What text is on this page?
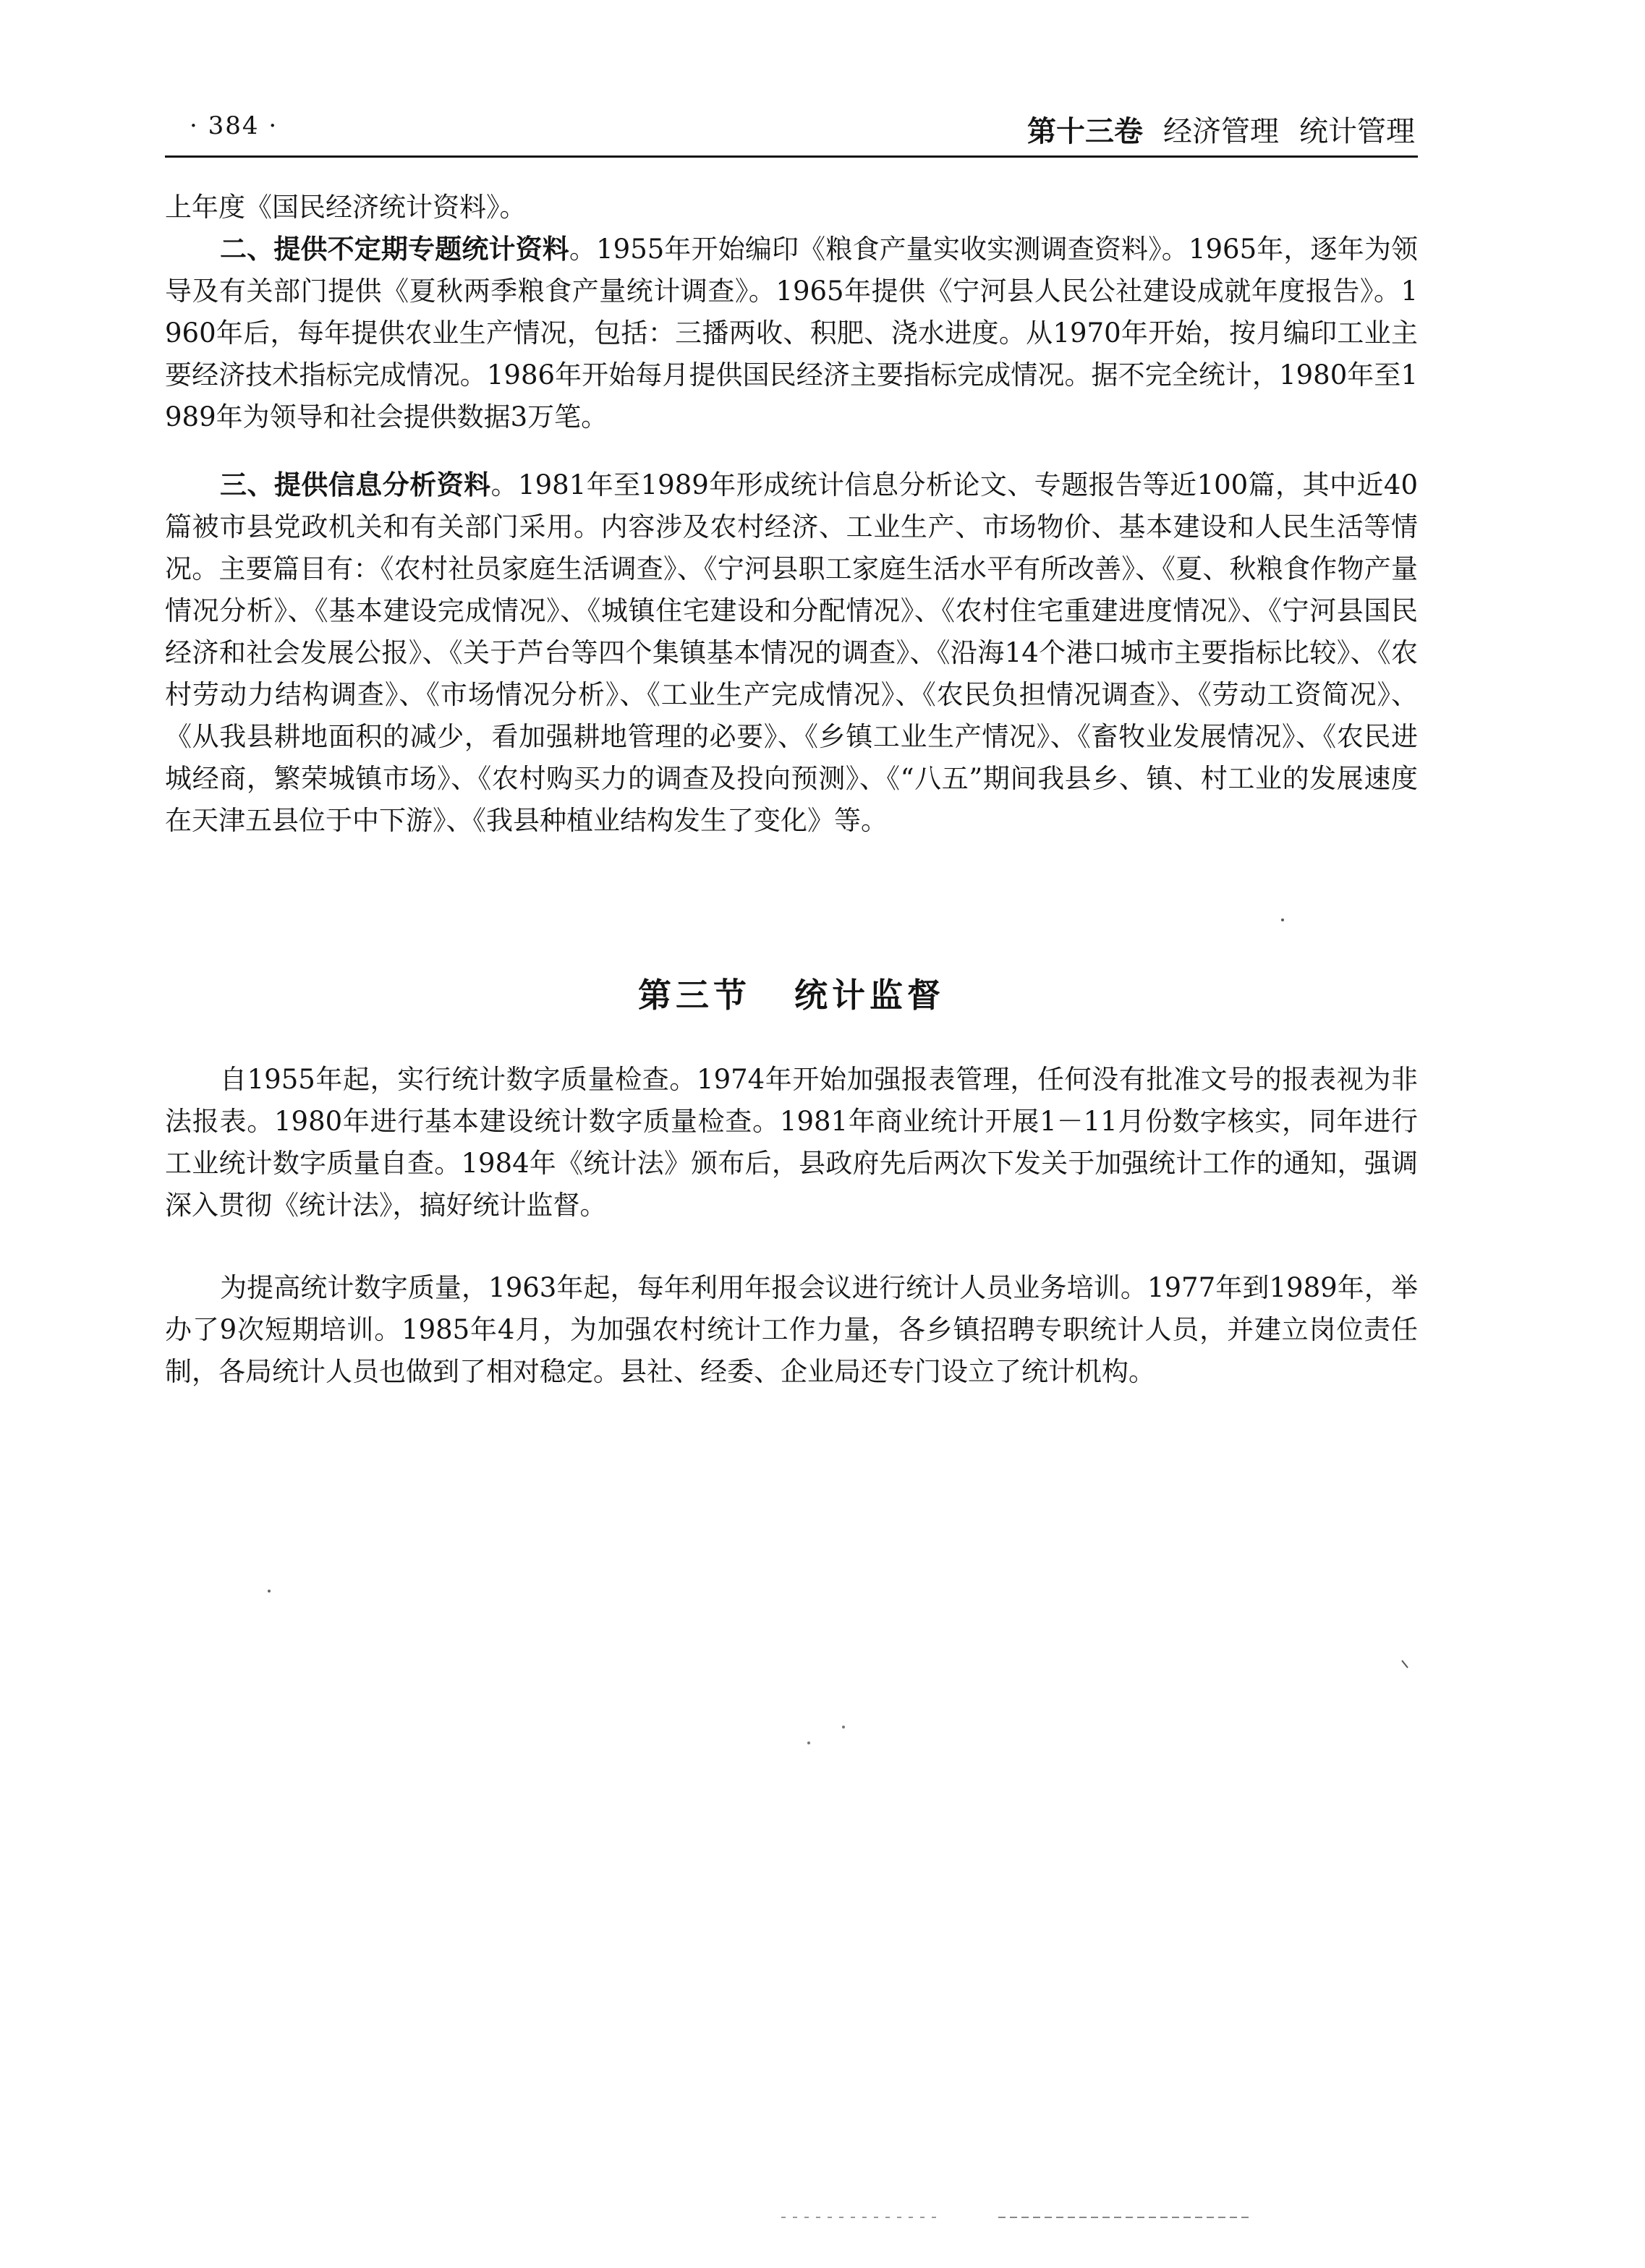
· 384 ·	第十三卷 经济管理 统计管理

上年度《国民经济统计资料》。

二、提供不定期专题统计资料。1955年开始编印《粮食产量实收实测调查资料》。1965年，逐年为领导及有关部门提供《夏秋两季粮食产量统计调查》。1965年提供《宁河县人民公社建设成就年度报告》。1960年后，每年提供农业生产情况，包括：三播两收、积肥、浇水进度。从1970年开始，按月编印工业主要经济技术指标完成情况。1986年开始每月提供国民经济主要指标完成情况。据不完全统计，1980年至1989年为领导和社会提供数据3万笔。

三、提供信息分析资料。1981年至1989年形成统计信息分析论文、专题报告等近100篇，其中近40篇被市县党政机关和有关部门采用。内容涉及农村经济、工业生产、市场物价、基本建设和人民生活等情况。主要篇目有：《农村社员家庭生活调查》、《宁河县职工家庭生活水平有所改善》、《夏、秋粮食作物产量情况分析》、《基本建设完成情况》、《城镇住宅建设和分配情况》、《农村住宅重建进度情况》、《宁河县国民经济和社会发展公报》、《关于芦台等四个集镇基本情况的调查》、《沿海14个港口城市主要指标比较》、《农村劳动力结构调查》、《市场情况分析》、《工业生产完成情况》、《农民负担情况调查》、《劳动工资简况》、《从我县耕地面积的减少，看加强耕地管理的必要》、《乡镇工业生产情况》、《畜牧业发展情况》、《农民进城经商，繁荣城镇市场》、《农村购买力的调查及投向预测》、《“八五”期间我县乡、镇、村工业的发展速度在天津五县位于中下游》、《我县种植业结构发生了变化》等。

第三节 统计监督

自1955年起，实行统计数字质量检查。1974年开始加强报表管理，任何没有批准文号的报表视为非法报表。1980年进行基本建设统计数字质量检查。1981年商业统计开展1－11月份数字核实，同年进行工业统计数字质量自查。1984年《统计法》颁布后，县政府先后两次下发关于加强统计工作的通知，强调深入贯彻《统计法》，搞好统计监督。

为提高统计数字质量，1963年起，每年利用年报会议进行统计人员业务培训。1977年到1989年，举办了9次短期培训。1985年4月，为加强农村统计工作力量，各乡镇招聘专职统计人员，并建立岗位责任制，各局统计人员也做到了相对稳定。县社、经委、企业局还专门设立了统计机构。
